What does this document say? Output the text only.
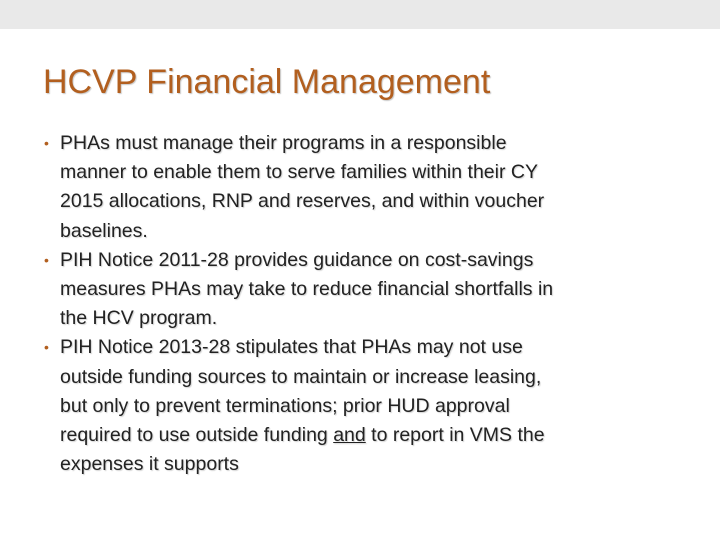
HCVP Financial Management
• PHAs must manage their programs in a responsible
manner to enable them to serve families within their CY
2015 allocations, RNP and reserves, and within voucher
baselines.
• PIH Notice 2011-28 provides guidance on cost-savings
measures PHAs may take to reduce financial shortfalls in
the HCV program.
• PIH Notice 2013-28 stipulates that PHAs may not use
outside funding sources to maintain or increase leasing,
but only to prevent terminations; prior HUD approval
required to use outside funding and to report in VMS the
expenses it supports
